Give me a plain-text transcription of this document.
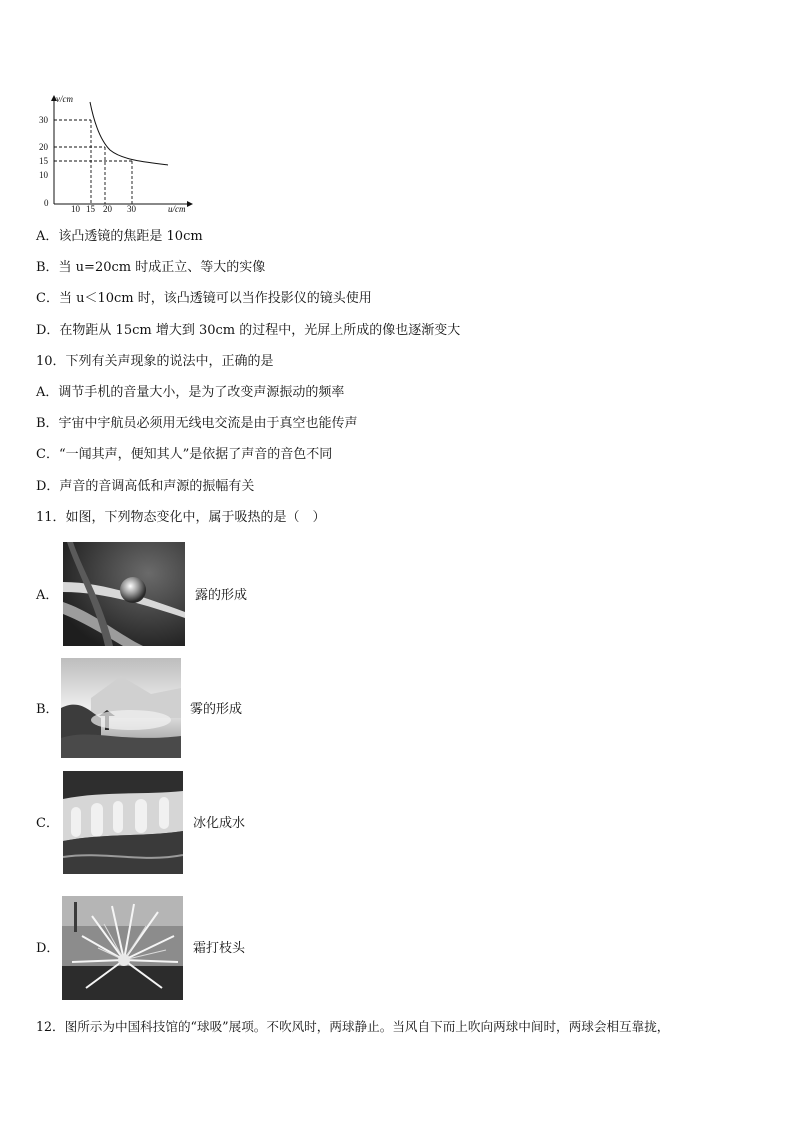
v/cm
u/cm
0
30
20
15
10
10 15 20 30
A．该凸透镜的焦距是 10cm
B．当 u=20cm 时成正立、等大的实像
C．当 u＜10cm 时，该凸透镜可以当作投影仪的镜头使用
D．在物距从 15cm 增大到 30cm 的过程中，光屏上所成的像也逐渐变大
10．下列有关声现象的说法中，正确的是
A．调节手机的音量大小，是为了改变声源振动的频率
B．宇宙中宇航员必须用无线电交流是由于真空也能传声
C．“一闻其声，便知其人”是依据了声音的音色不同
D．声音的音调高低和声源的振幅有关
11．如图，下列物态变化中，属于吸热的是（　）
A．	露的形成
B．	雾的形成
C．	冰化成水
D．	霜打枝头
12．图所示为中国科技馆的“球吸”展项。不吹风时，两球静止。当风自下而上吹向两球中间时，两球会相互靠拢，
